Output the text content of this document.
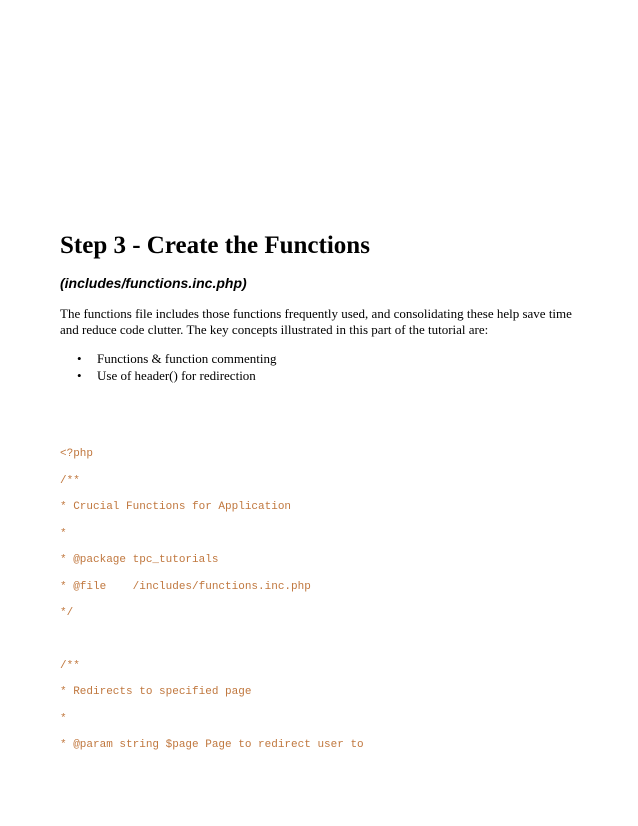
Step 3 - Create the Functions

(includes/functions.inc.php)

The functions file includes those functions frequently used, and consolidating these help save time and reduce code clutter. The key concepts illustrated in this part of the tutorial are:

• Functions & function commenting
• Use of header() for redirection

<?php

/**

* Crucial Functions for Application

*

* @package tpc_tutorials

* @file    /includes/functions.inc.php

*/

/**

* Redirects to specified page

*

* @param string $page Page to redirect user to
